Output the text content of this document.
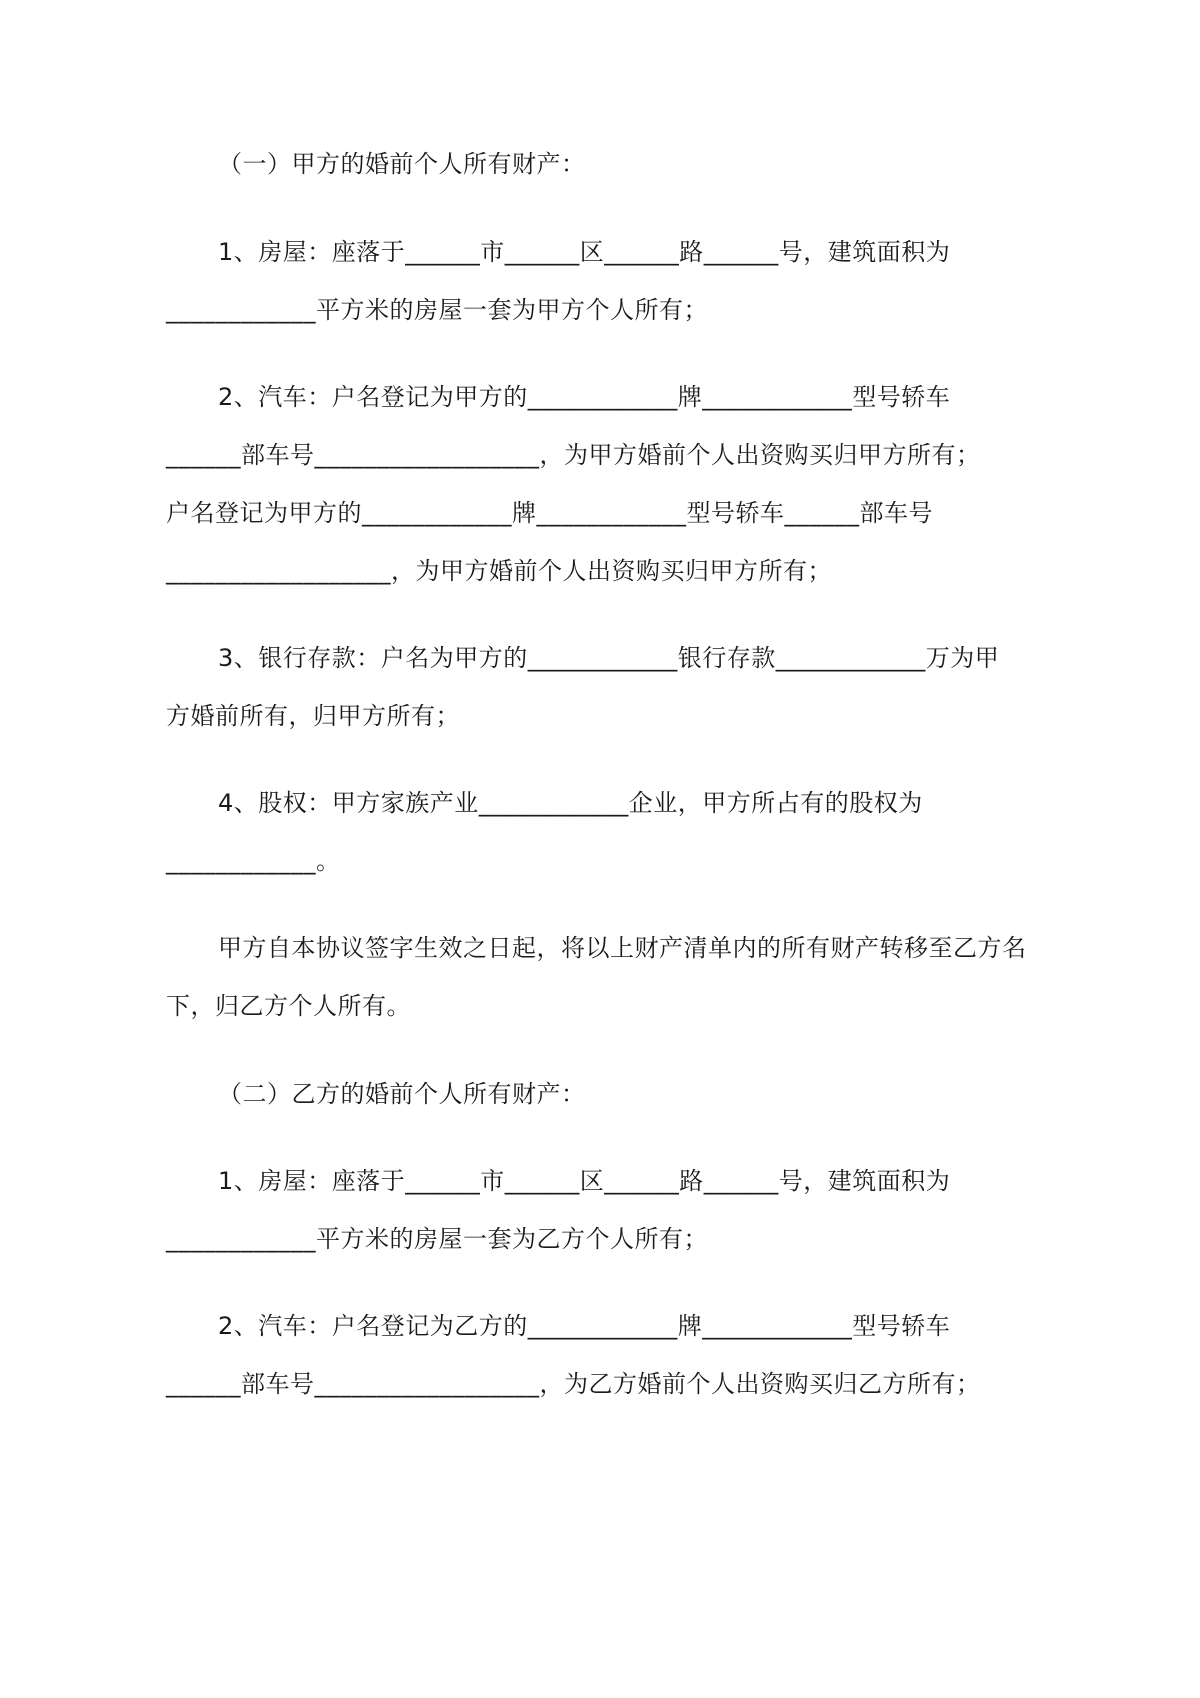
（一）甲方的婚前个人所有财产：
1、房屋：座落于______市______区______路______号，建筑面积为
____________平方米的房屋一套为甲方个人所有；
2、汽车：户名登记为甲方的____________牌____________型号轿车
______部车号__________________，为甲方婚前个人出资购买归甲方所有；
户名登记为甲方的____________牌____________型号轿车______部车号
__________________，为甲方婚前个人出资购买归甲方所有；
3、银行存款：户名为甲方的____________银行存款____________万为甲
方婚前所有，归甲方所有；
4、股权：甲方家族产业____________企业，甲方所占有的股权为
____________。
甲方自本协议签字生效之日起，将以上财产清单内的所有财产转移至乙方名
下，归乙方个人所有。
（二）乙方的婚前个人所有财产：
1、房屋：座落于______市______区______路______号，建筑面积为
____________平方米的房屋一套为乙方个人所有；
2、汽车：户名登记为乙方的____________牌____________型号轿车
______部车号__________________，为乙方婚前个人出资购买归乙方所有；
